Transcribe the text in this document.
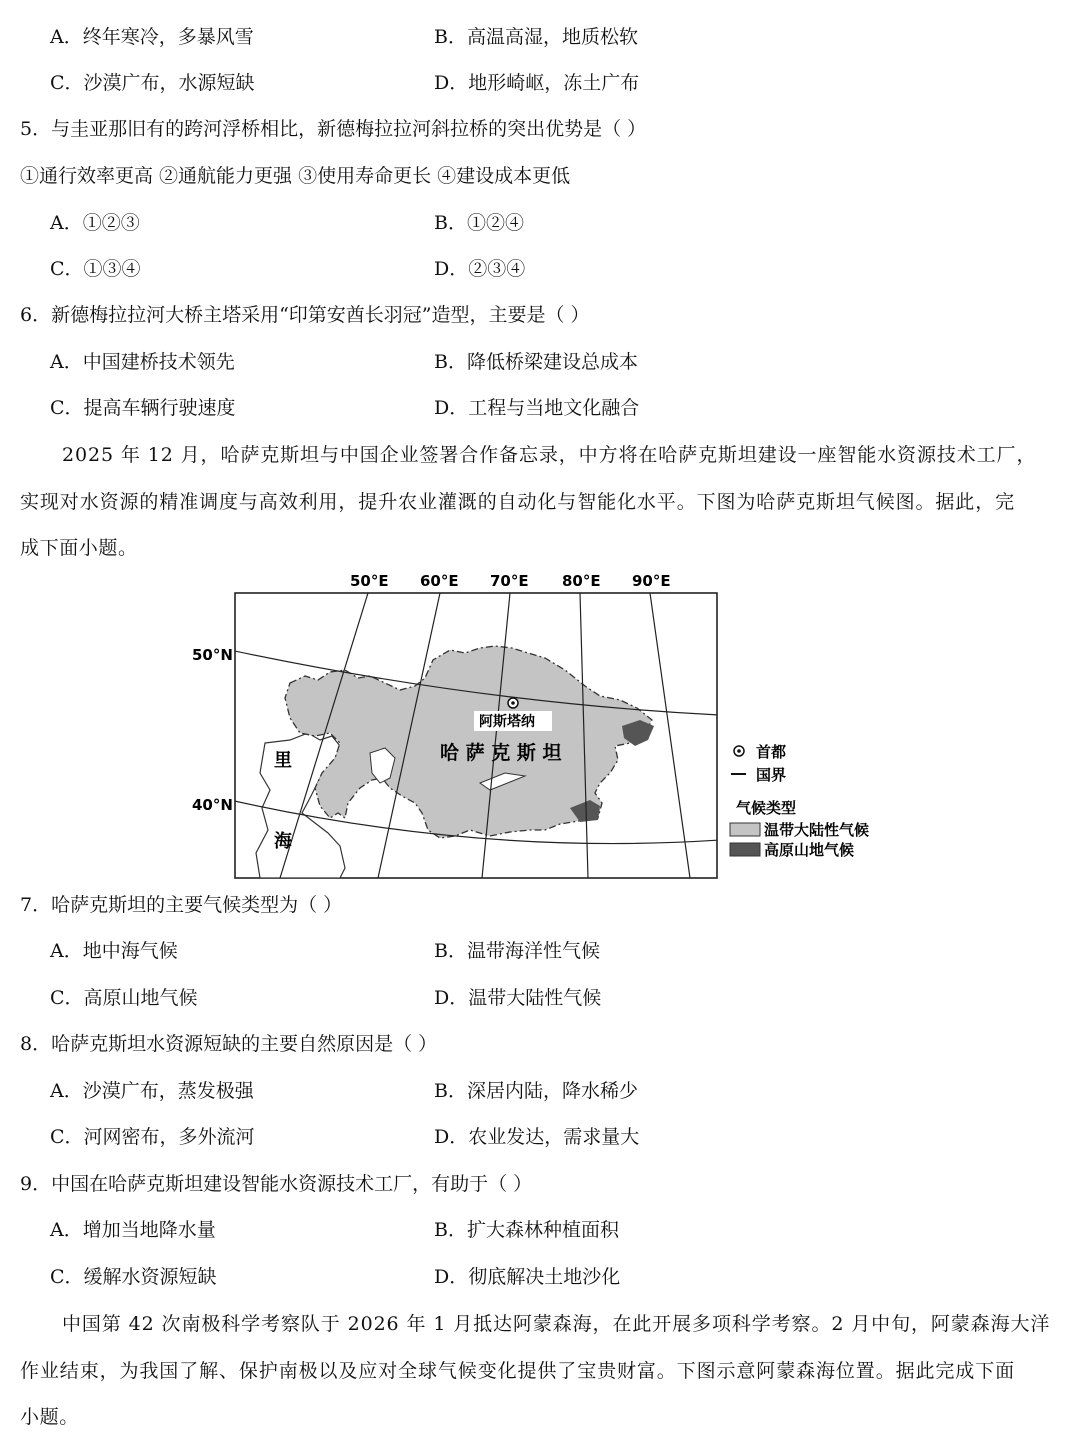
A．终年寒冷，多暴风雪	B．高温高湿，地质松软
C．沙漠广布，水源短缺	D．地形崎岖，冻土广布
5．与圭亚那旧有的跨河浮桥相比，新德梅拉拉河斜拉桥的突出优势是（ ）
①通行效率更高 ②通航能力更强 ③使用寿命更长 ④建设成本更低
A．①②③	B．①②④
C．①③④	D．②③④
6．新德梅拉拉河大桥主塔采用“印第安酋长羽冠”造型，主要是（ ）
A．中国建桥技术领先	B．降低桥梁建设总成本
C．提高车辆行驶速度	D．工程与当地文化融合
2025 年 12 月，哈萨克斯坦与中国企业签署合作备忘录，中方将在哈萨克斯坦建设一座智能水资源技术工厂，
实现对水资源的精准调度与高效利用，提升农业灌溉的自动化与智能化水平。下图为哈萨克斯坦气候图。据此，完
成下面小题。
50°E 60°E 70°E 80°E 90°E
50°N
40°N
阿斯塔纳
哈 萨 克 斯 坦
里
海
首都
国界
气候类型
温带大陆性气候
高原山地气候
7．哈萨克斯坦的主要气候类型为（ ）
A．地中海气候	B．温带海洋性气候
C．高原山地气候	D．温带大陆性气候
8．哈萨克斯坦水资源短缺的主要自然原因是（ ）
A．沙漠广布，蒸发极强	B．深居内陆，降水稀少
C．河网密布，多外流河	D．农业发达，需求量大
9．中国在哈萨克斯坦建设智能水资源技术工厂，有助于（ ）
A．增加当地降水量	B．扩大森林种植面积
C．缓解水资源短缺	D．彻底解决土地沙化
中国第 42 次南极科学考察队于 2026 年 1 月抵达阿蒙森海，在此开展多项科学考察。2 月中旬，阿蒙森海大洋
作业结束，为我国了解、保护南极以及应对全球气候变化提供了宝贵财富。下图示意阿蒙森海位置。据此完成下面
小题。
